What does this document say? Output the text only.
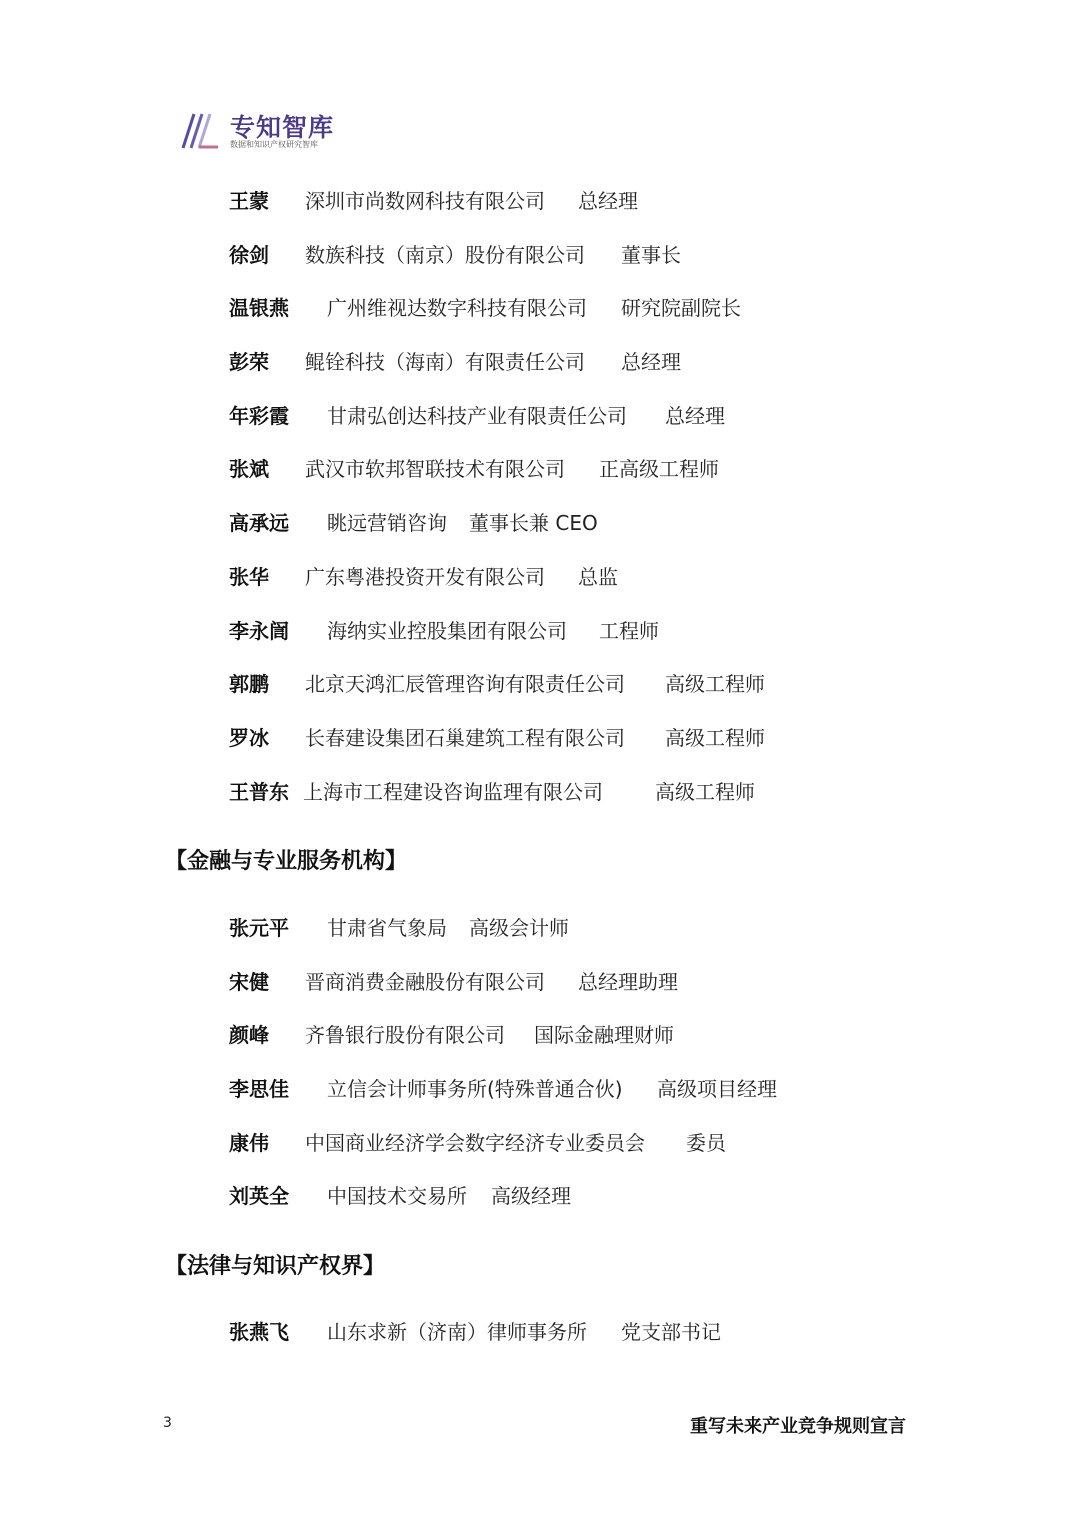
专知智库
数据和知识产权研究智库
王蒙 深圳市尚数网科技有限公司 总经理
徐剑 数族科技（南京）股份有限公司 董事长
温银燕 广州维视达数字科技有限公司 研究院副院长
彭荣 鲲铨科技（海南）有限责任公司 总经理
年彩霞 甘肃弘创达科技产业有限责任公司 总经理
张斌 武汉市软邦智联技术有限公司 正高级工程师
高承远 眺远营销咨询 董事长兼 CEO
张华 广东粤港投资开发有限公司 总监
李永訚 海纳实业控股集团有限公司 工程师
郭鹏 北京天鸿汇辰管理咨询有限责任公司 高级工程师
罗冰 长春建设集团石巢建筑工程有限公司 高级工程师
王普东 上海市工程建设咨询监理有限公司	高级工程师
【金融与专业服务机构】
张元平 甘肃省气象局 高级会计师
宋健 晋商消费金融股份有限公司 总经理助理
颜峰 齐鲁银行股份有限公司 国际金融理财师
李思佳 立信会计师事务所(特殊普通合伙) 高级项目经理
康伟 中国商业经济学会数字经济专业委员会 委员
刘英全 中国技术交易所 高级经理
【法律与知识产权界】
张燕飞 山东求新（济南）律师事务所 党支部书记
3	重写未来产业竞争规则宣言
